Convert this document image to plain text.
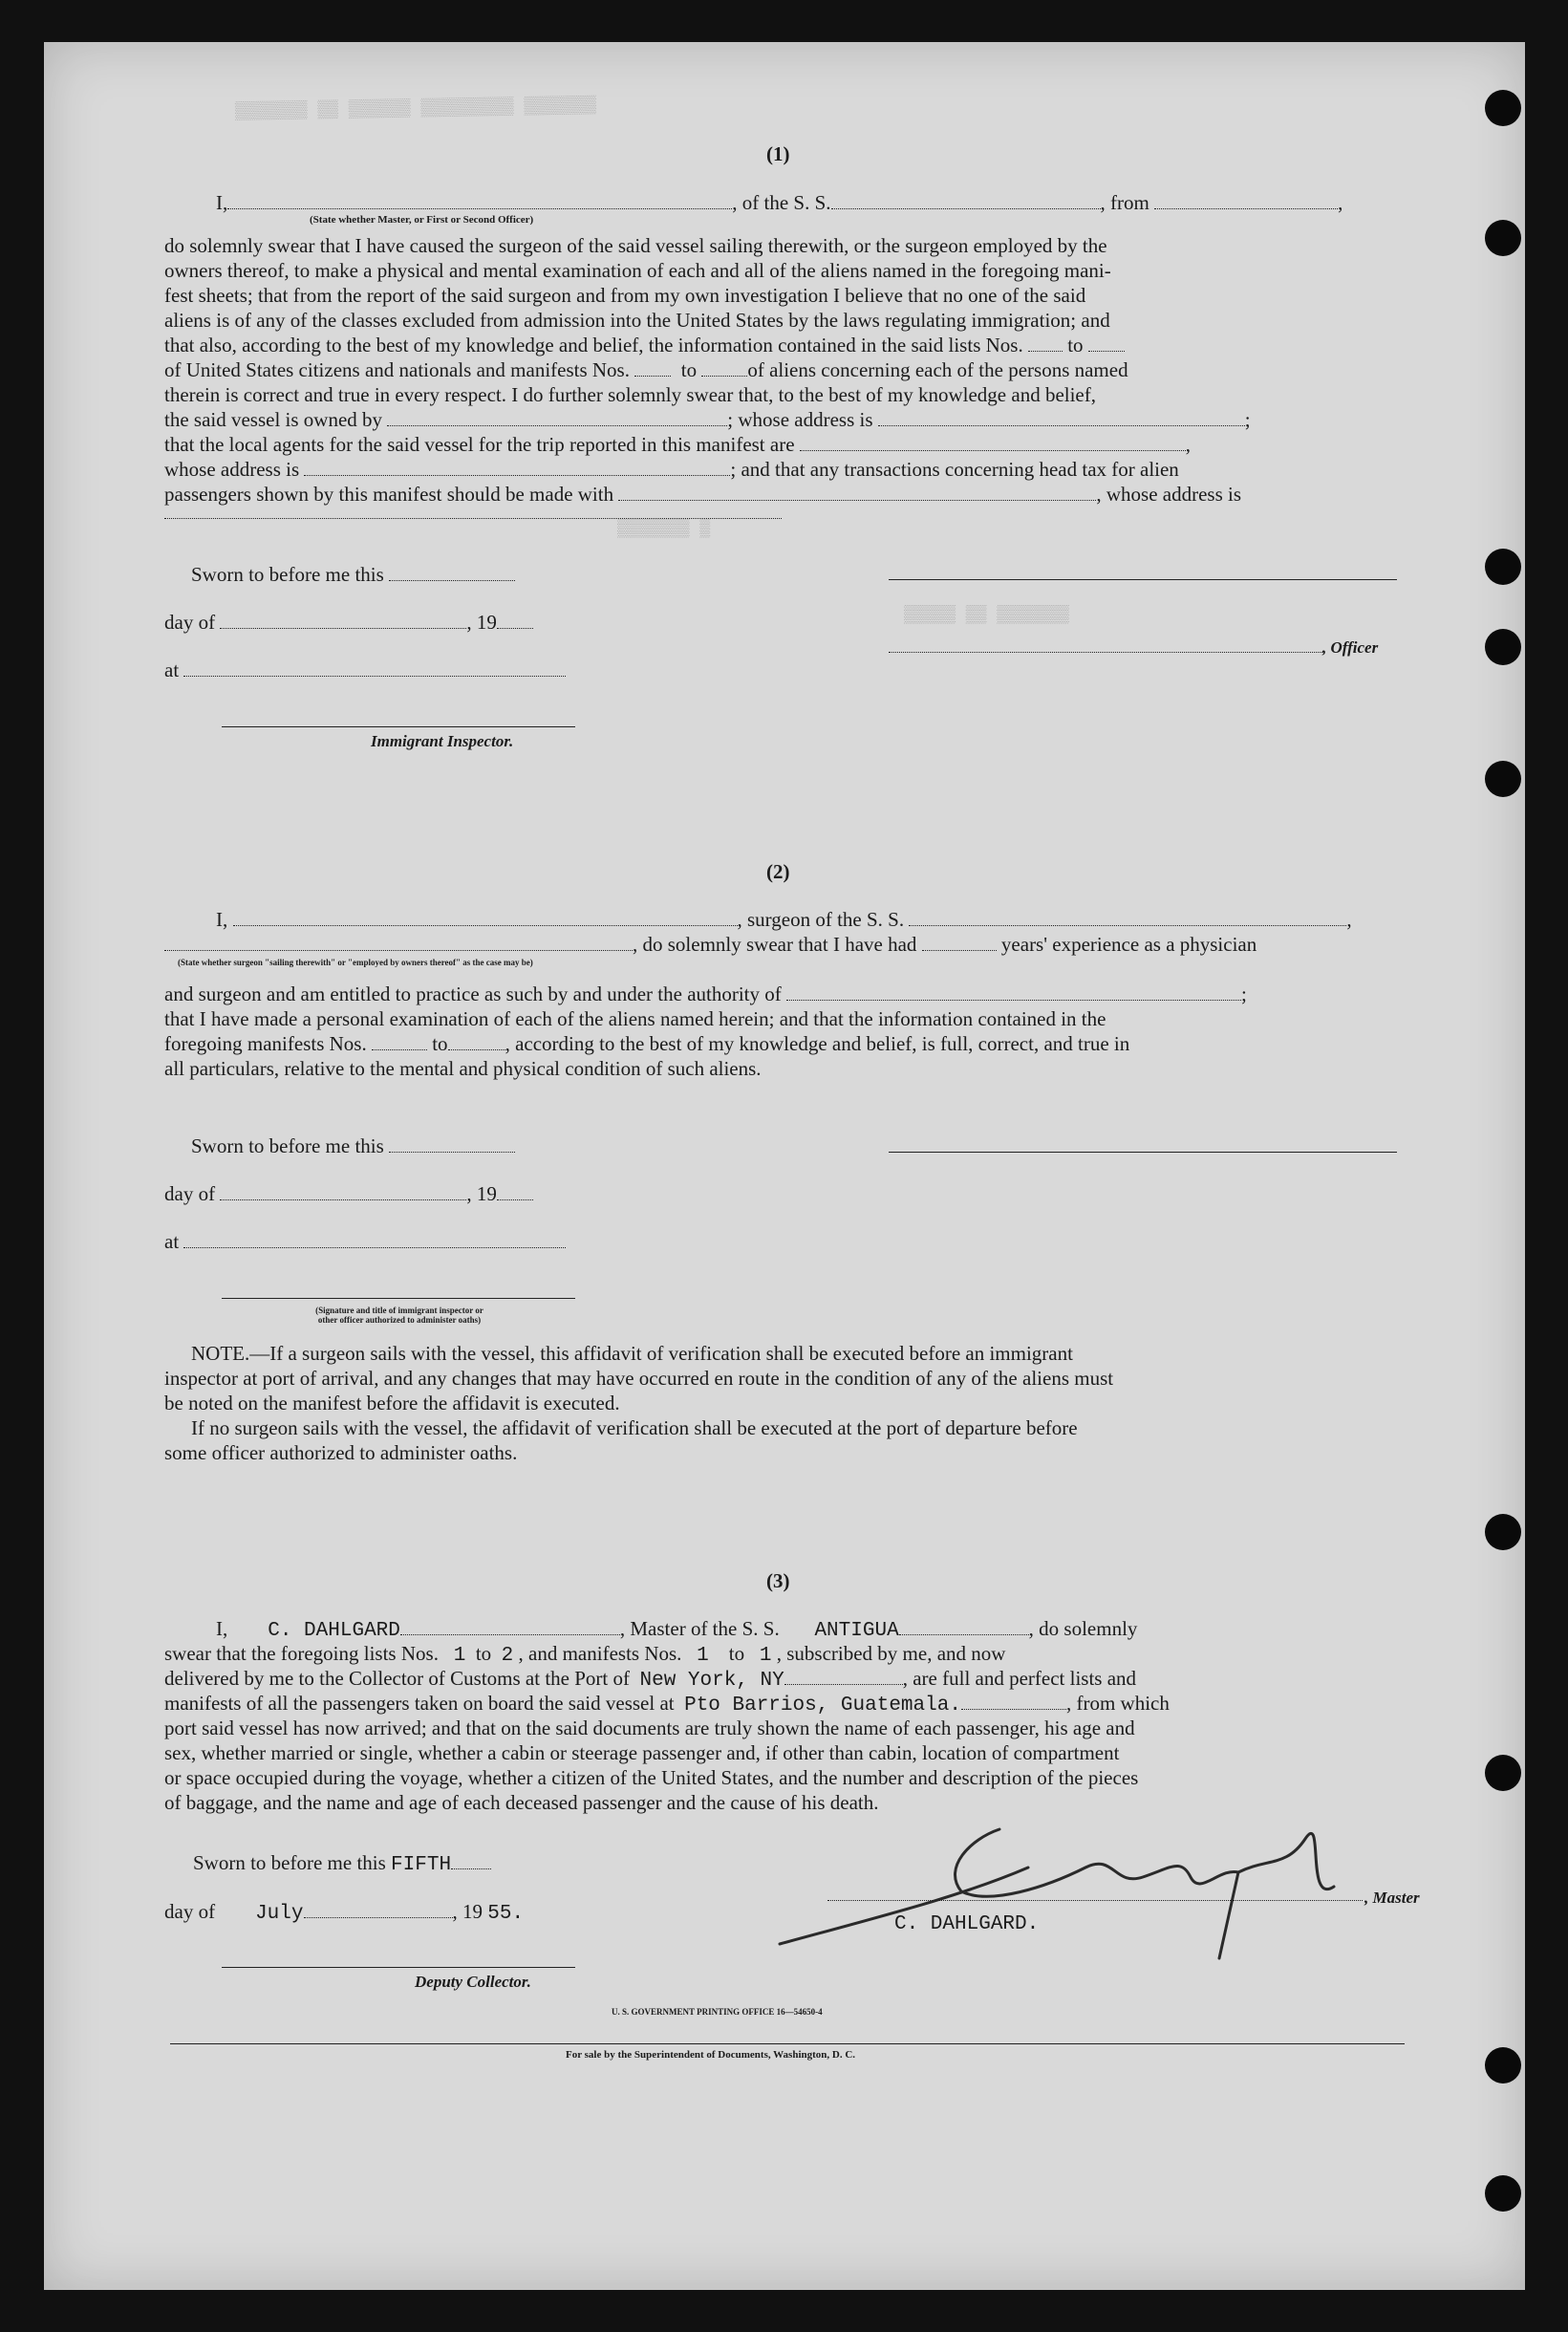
▒▒▒▒▒▒▒ ▒▒ ▒▒▒▒▒▒ ▒▒▒▒▒▒▒▒▒ ▒▒▒▒▒▒▒
▒▒▒▒▒▒▒ ▒
▒▒▒▒▒ ▒▒ ▒▒▒▒▒▒▒
(1)
I,	, of the S. S.	, from	,
(State whether Master, or First or Second Officer)
do solemnly swear that I have caused the surgeon of the said vessel sailing therewith, or the surgeon employed by the
owners thereof, to make a physical and mental examination of each and all of the aliens named in the foregoing mani-
fest sheets; that from the report of the said surgeon and from my own investigation I believe that no one of the said
aliens is of any of the classes excluded from admission into the United States by the laws regulating immigration; and
that also, according to the best of my knowledge and belief, the information contained in the said lists Nos. to
of United States citizens and nationals and manifests Nos.	to	of aliens concerning each of the persons named
therein is correct and true in every respect. I do further solemnly swear that, to the best of my knowledge and belief,
the said vessel is owned by	; whose address is	;
that the local agents for the said vessel for the trip reported in this manifest are	,
whose address is	; and that any transactions concerning head tax for alien
passengers shown by this manifest should be made with	, whose address is
Sworn to before me this
day of	, 19
, Officer
at
Immigrant Inspector.
(2)
I,	, surgeon of the S. S.	,
, do solemnly swear that I have had	years' experience as a physician
(State whether surgeon "sailing therewith" or "employed by owners thereof" as the case may be)
and surgeon and am entitled to practice as such by and under the authority of	;
that I have made a personal examination of each of the aliens named herein; and that the information contained in the
foregoing manifests Nos.	to	, according to the best of my knowledge and belief, is full, correct, and true in
all particulars, relative to the mental and physical condition of such aliens.
Sworn to before me this
day of	, 19
at
(Signature and title of immigrant inspector or
other officer authorized to administer oaths)
NOTE.—If a surgeon sails with the vessel, this affidavit of verification shall be executed before an immigrant
inspector at port of arrival, and any changes that may have occurred en route in the condition of any of the aliens must
be noted on the manifest before the affidavit is executed.
If no surgeon sails with the vessel, the affidavit of verification shall be executed at the port of departure before
some officer authorized to administer oaths.
(3)
I, C. DAHLGARD	, Master of the S. S. ANTIGUA	, do solemnly
swear that the foregoing lists Nos. 1 to 2 , and manifests Nos. 1 to 1 , subscribed by me, and now
delivered by me to the Collector of Customs at the Port of New York, NY	, are full and perfect lists and
manifests of all the passengers taken on board the said vessel at Pto Barrios, Guatemala.	, from which
port said vessel has now arrived; and that on the said documents are truly shown the name of each passenger, his age and
sex, whether married or single, whether a cabin or steerage passenger and, if other than cabin, location of compartment
or space occupied during the voyage, whether a citizen of the United States, and the number and description of the pieces
of baggage, and the name and age of each deceased passenger and the cause of his death.
Sworn to before me this FIFTH
day of July	, 19 55.	C. DAHLGARD.
, Master
Deputy Collector.
U. S. GOVERNMENT PRINTING OFFICE 16—54650-4
For sale by the Superintendent of Documents, Washington, D. C.
